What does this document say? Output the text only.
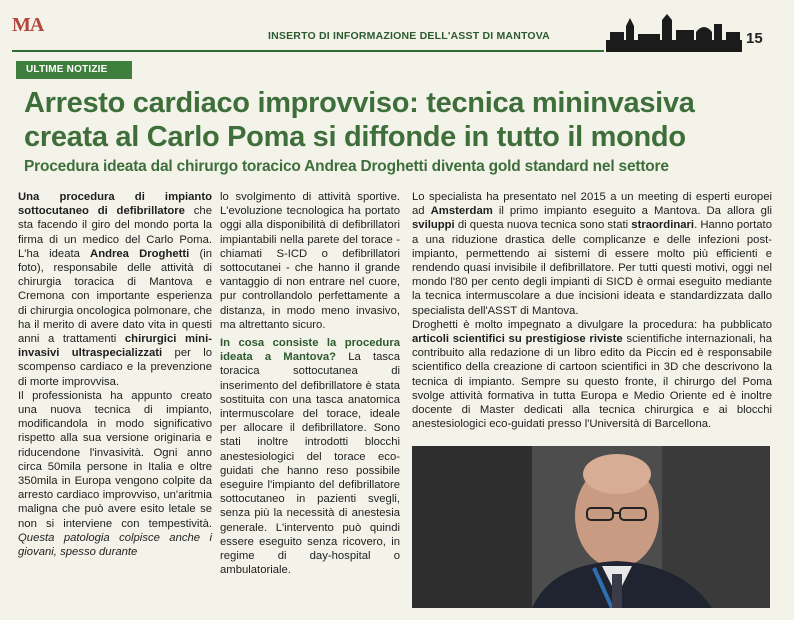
MA	INSERTO DI INFORMAZIONE DELL'ASST DI MANTOVA	15
ULTIME NOTIZIE
Arresto cardiaco improvviso: tecnica mininvasiva creata al Carlo Poma si diffonde in tutto il mondo
Procedura ideata dal chirurgo toracico Andrea Droghetti diventa gold standard nel settore

Una procedura di impianto sottocutaneo di defibrillatore che sta facendo il giro del mondo porta la firma di un medico del Carlo Poma. L'ha ideata Andrea Droghetti (in foto), responsabile delle attività di chirurgia toracica di Mantova e Cremona con importante esperienza di chirurgia oncologica polmonare, che ha il merito di avere dato vita in questi anni a trattamenti chirurgici mini-invasivi ultraspecializzati per lo scompenso cardiaco e la prevenzione di morte improvvisa.

Il professionista ha appunto creato una nuova tecnica di impianto, modificandola in modo significativo rispetto alla sua versione originaria e riducendone l'invasività. Ogni anno circa 50mila persone in Italia e oltre 350mila in Europa vengono colpite da arresto cardiaco improvviso, un'aritmia maligna che può avere esito letale se non si interviene con tempestività. Questa patologia colpisce anche i giovani, spesso durante

lo svolgimento di attività sportive. L'evoluzione tecnologica ha portato oggi alla disponibilità di defibrillatori impiantabili nella parete del torace - chiamati S-ICD o defibrillatori sottocutanei - che hanno il grande vantaggio di non entrare nel cuore, pur controllandolo perfettamente a distanza, in modo meno invasivo, ma altrettanto sicuro.

In cosa consiste la procedura ideata a Mantova? La tasca toracica sottocutanea di inserimento del defibrillatore è stata sostituita con una tasca anatomica intermuscolare del torace, ideale per allocare il defibrillatore. Sono stati inoltre introdotti blocchi anestesiologici del torace eco-guidati che hanno reso possibile eseguire l'impianto del defibrillatore sottocutaneo in pazienti svegli, senza più la necessità di anestesia generale. L'intervento può quindi essere eseguito senza ricovero, in regime di day-hospital o ambulatoriale.

Lo specialista ha presentato nel 2015 a un meeting di esperti europei ad Amsterdam il primo impianto eseguito a Mantova. Da allora gli sviluppi di questa nuova tecnica sono stati straordinari. Hanno portato a una riduzione drastica delle complicanze e delle infezioni post-impianto, permettendo ai sistemi di essere molto più efficienti e rendendo quasi invisibile il defibrillatore. Per tutti questi motivi, oggi nel mondo l'80 per cento degli impianti di SICD è ormai eseguito mediante la tecnica intermuscolare a due incisioni ideata e standardizzata dallo specialista dell'ASST di Mantova.

Droghetti è molto impegnato a divulgare la procedura: ha pubblicato articoli scientifici su prestigiose riviste scientifiche internazionali, ha contribuito alla redazione di un libro edito da Piccin ed è responsabile scientifico della creazione di cartoon scientifici in 3D che descrivono la tecnica di impianto. Sempre su questo fronte, il chirurgo del Poma svolge attività formativa in tutta Europa e Medio Oriente ed è inoltre docente di Master dedicati alla tecnica chirurgica e ai blocchi anestesiologici eco-guidati presso l'Università di Barcellona.
